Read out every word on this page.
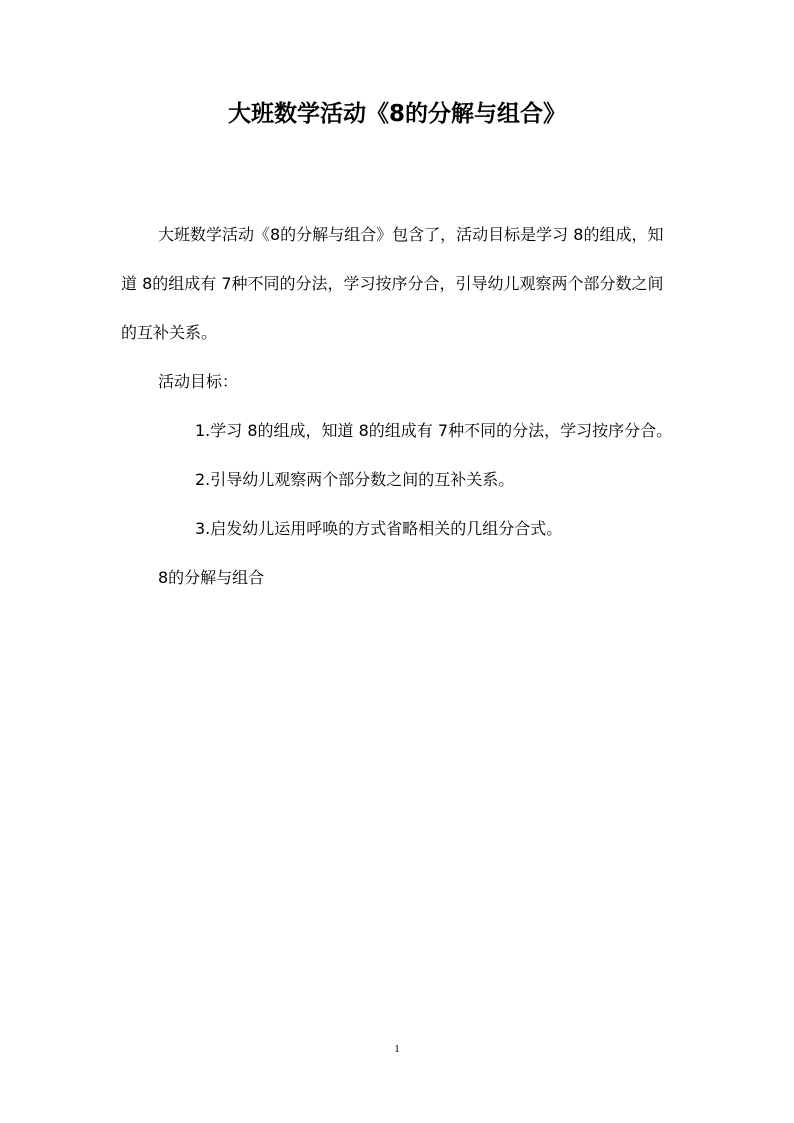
大班数学活动《8的分解与组合》

大班数学活动《8的分解与组合》包含了，活动目标是学习 8的组成，知道 8的组成有 7种不同的分法，学习按序分合，引导幼儿观察两个部分数之间的互补关系。

活动目标：

1.学习 8的组成，知道 8的组成有 7种不同的分法，学习按序分合。

2.引导幼儿观察两个部分数之间的互补关系。

3.启发幼儿运用呼唤的方式省略相关的几组分合式。

8的分解与组合

1
